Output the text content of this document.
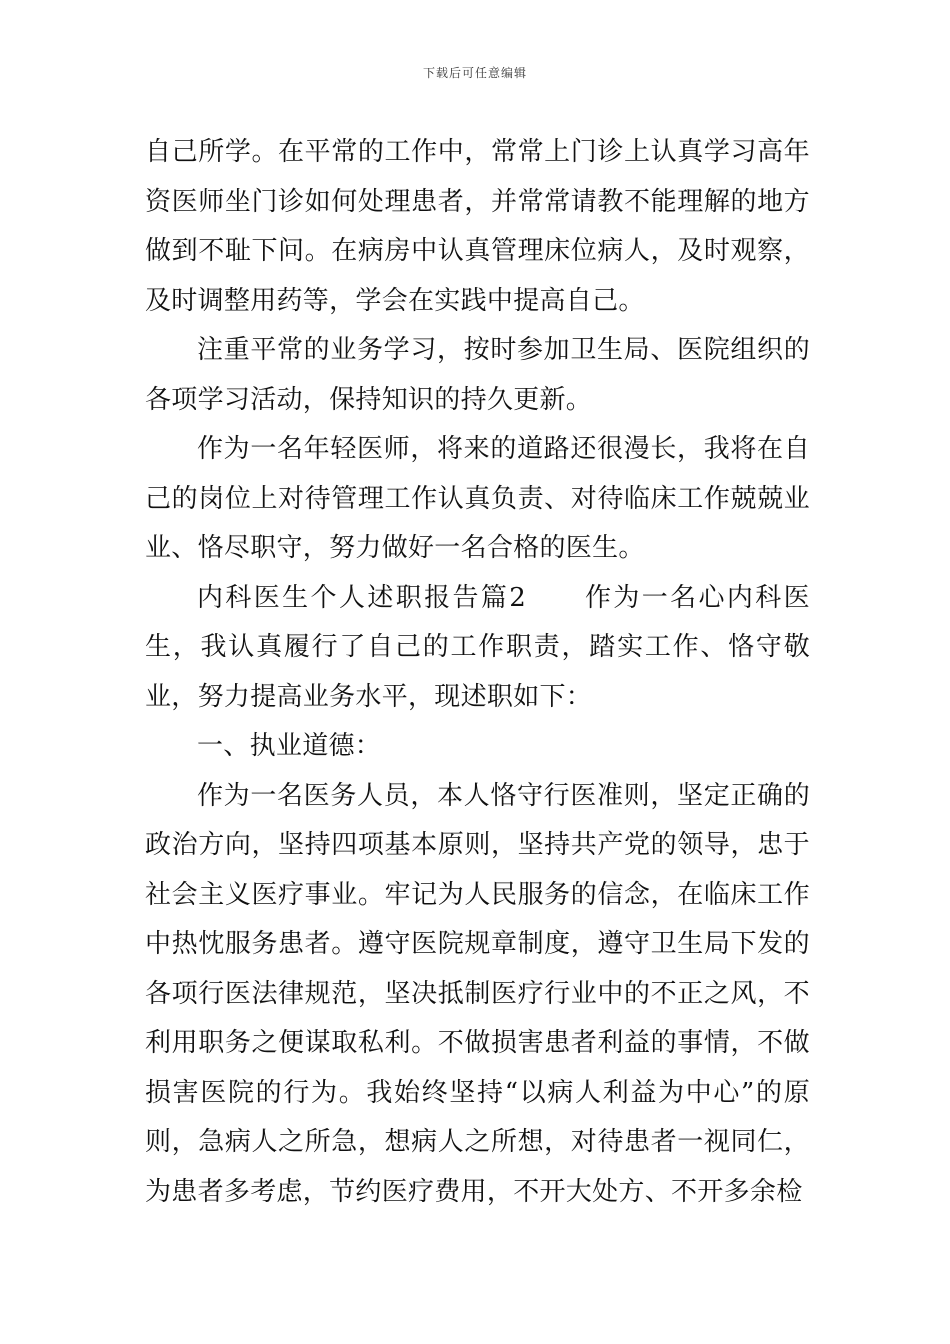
下载后可任意编辑

自己所学。在平常的工作中，常常上门诊上认真学习高年资医师坐门诊如何处理患者，并常常请教不能理解的地方做到不耻下问。在病房中认真管理床位病人，及时观察，及时调整用药等，学会在实践中提高自己。

注重平常的业务学习，按时参加卫生局、医院组织的各项学习活动，保持知识的持久更新。

作为一名年轻医师，将来的道路还很漫长，我将在自己的岗位上对待管理工作认真负责、对待临床工作兢兢业业、恪尽职守，努力做好一名合格的医生。

内科医生个人述职报告篇2　　作为一名心内科医生，我认真履行了自己的工作职责，踏实工作、恪守敬业，努力提高业务水平，现述职如下：

一、执业道德：

作为一名医务人员，本人恪守行医准则，坚定正确的政治方向，坚持四项基本原则，坚持共产党的领导，忠于社会主义医疗事业。牢记为人民服务的信念，在临床工作中热忱服务患者。遵守医院规章制度，遵守卫生局下发的各项行医法律规范，坚决抵制医疗行业中的不正之风，不利用职务之便谋取私利。不做损害患者利益的事情，不做损害医院的行为。我始终坚持“以病人利益为中心”的原则，急病人之所急，想病人之所想，对待患者一视同仁，为患者多考虑，节约医疗费用，不开大处方、不开多余检
